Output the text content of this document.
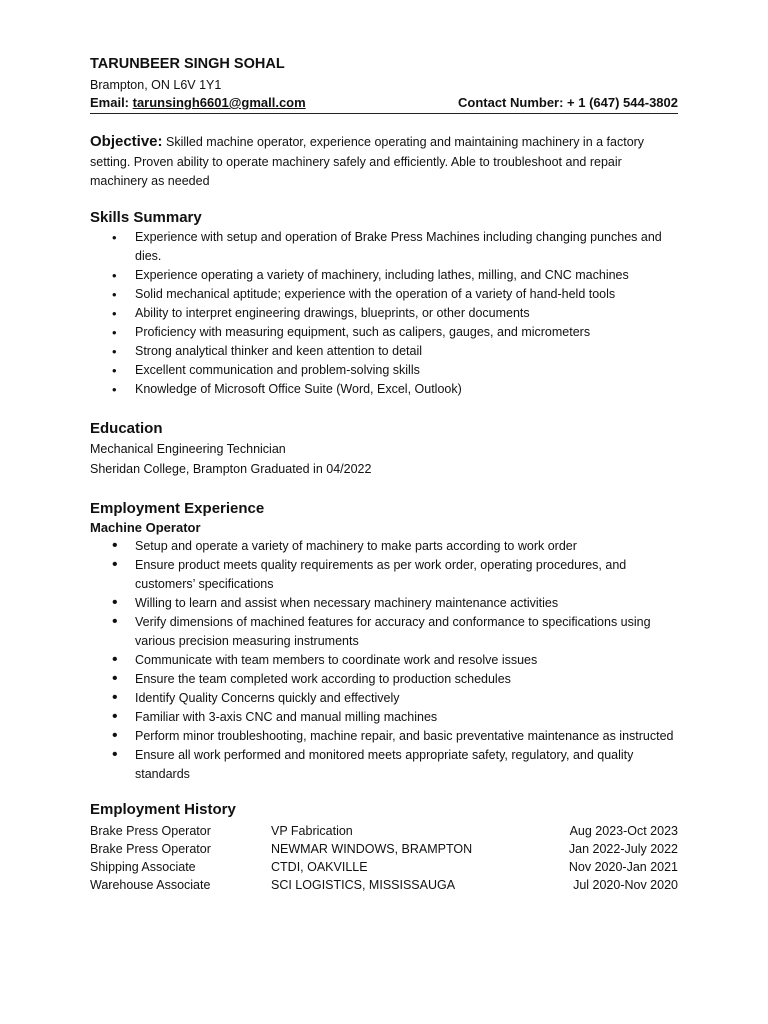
TARUNBEER SINGH SOHAL
Brampton, ON L6V 1Y1
Email: tarunsingh6601@gmall.com	Contact Number: + 1 (647) 544-3802
Objective: Skilled machine operator, experience operating and maintaining machinery in a factory setting. Proven ability to operate machinery safely and efficiently. Able to troubleshoot and repair machinery as needed
Skills Summary
• Experience with setup and operation of Brake Press Machines including changing punches and dies.
• Experience operating a variety of machinery, including lathes, milling, and CNC machines
• Solid mechanical aptitude; experience with the operation of a variety of hand-held tools
• Ability to interpret engineering drawings, blueprints, or other documents
• Proficiency with measuring equipment, such as calipers, gauges, and micrometers
• Strong analytical thinker and keen attention to detail
• Excellent communication and problem-solving skills
• Knowledge of Microsoft Office Suite (Word, Excel, Outlook)
Education
Mechanical Engineering Technician
Sheridan College, Brampton Graduated in 04/2022
Employment Experience
Machine Operator
• Setup and operate a variety of machinery to make parts according to work order
• Ensure product meets quality requirements as per work order, operating procedures, and customers’ specifications
• Willing to learn and assist when necessary machinery maintenance activities
• Verify dimensions of machined features for accuracy and conformance to specifications using various precision measuring instruments
• Communicate with team members to coordinate work and resolve issues
• Ensure the team completed work according to production schedules
• Identify Quality Concerns quickly and effectively
• Familiar with 3-axis CNC and manual milling machines
• Perform minor troubleshooting, machine repair, and basic preventative maintenance as instructed
• Ensure all work performed and monitored meets appropriate safety, regulatory, and quality standards
Employment History
Brake Press Operator	VP Fabrication	Aug 2023-Oct 2023
Brake Press Operator	NEWMAR WINDOWS, BRAMPTON	Jan 2022-July 2022
Shipping Associate	CTDI, OAKVILLE	Nov 2020-Jan 2021
Warehouse Associate	SCI LOGISTICS, MISSISSAUGA	Jul 2020-Nov 2020
